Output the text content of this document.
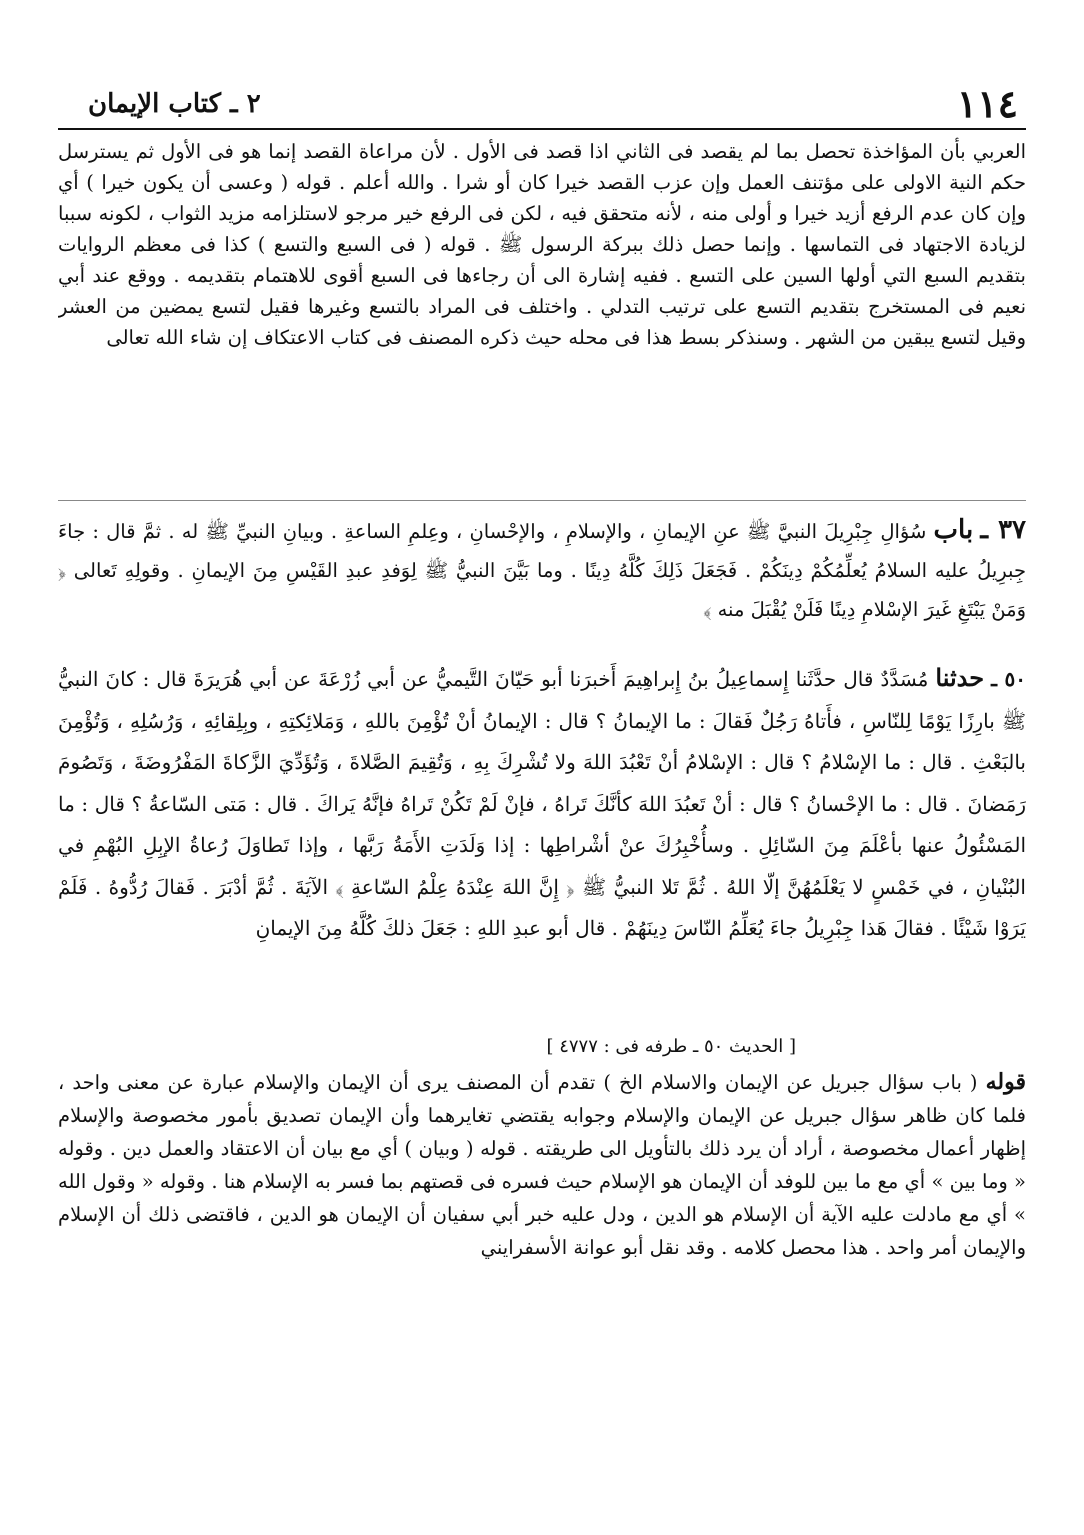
١١٤
٢ ـ كتاب الإيمان

العربي بأن المؤاخذة تحصل بما لم يقصد فى الثاني اذا قصد فى الأول . لأن مراعاة القصد إنما هو فى الأول ثم يسترسل حكم النية الاولى على مؤتنف العمل وإن عزب القصد خيرا كان أو شرا . والله أعلم . قوله ( وعسى أن يكون خيرا ) أي وإن كان عدم الرفع أزيد خيرا و أولى منه ، لأنه متحقق فيه ، لكن فى الرفع خير مرجو لاستلزامه مزيد الثواب ، لكونه سببا لزيادة الاجتهاد فى التماسها . وإنما حصل ذلك ببركة الرسول ﷺ . قوله ( فى السبع والتسع ) كذا فى معظم الروايات بتقديم السبع التي أولها السين على التسع . ففيه إشارة الى أن رجاءها فى السبع أقوى للاهتمام بتقديمه . ووقع عند أبي نعيم فى المستخرج بتقديم التسع على ترتيب التدلي . واختلف فى المراد بالتسع وغيرها فقيل لتسع يمضين من العشر وقيل لتسع يبقين من الشهر . وسنذكر بسط هذا فى محله حيث ذكره المصنف فى كتاب الاعتكاف إن شاء الله تعالى

٣٧ ـ باب سُؤالِ جِبْرِيلَ النبيَّ ﷺ عنِ الإيمانِ ، والإسلامِ ، والإحْسانِ ، وعِلمِ الساعةِ . وبيانِ النبيِّ ﷺ له . ثمَّ قال : جاءَ جِبرِيلُ عليه السلامُ يُعلِّمُكُمْ دِينَكُمْ . فَجَعَلَ ذَلِكَ كُلَّهُ دِينًا . وما بَيَّنَ النبيُّ ﷺ لِوَفدِ عبدِ القَيْسِ مِنَ الإيمانِ . وقولِهِ تَعالى ﴿ وَمَنْ يَبْتَغِ غَيرَ الإسْلامِ دِينًا فَلَنْ يُقْبَلَ منه ﴾

٥٠ ـ حدثنا مُسَدَّدٌ قال حدَّثَنا إِسماعِيلُ بنُ إِبراهِيمَ أَخبرَنا أبو حَيّانَ التَّيميُّ عن أبي زُرْعَةَ عن أبي هُرَيرَةَ قال : كانَ النبيُّ ﷺ بارِزًا يَوْمًا لِلنّاسِ ، فأَتاهُ رَجُلٌ فَقالَ : ما الإيمانُ ؟ قال : الإيمانُ أنْ تُؤْمِنَ باللهِ ، وَمَلائِكتِهِ ، وبِلِقائِهِ ، وَرُسُلِهِ ، وَتُؤْمِنَ بالبَعْثِ . قال : ما الإسْلامُ ؟ قال : الإسْلامُ أنْ تَعْبُدَ اللهَ ولا تُشْرِكَ بِهِ ، وَتُقِيمَ الصَّلاةَ ، وَتُؤَدِّيَ الزَّكاةَ المَفْرُوضَةَ ، وَتَصُومَ رَمَضانَ . قال : ما الإحْسانُ ؟ قال : أنْ تَعبُدَ اللهَ كأنَّكَ تَراهُ ، فإنْ لَمْ تَكُنْ تَراهُ فإنَّهُ يَراكَ . قال : مَتى السّاعةُ ؟ قال : ما المَسْئُولُ عنها بأعْلَمَ مِنَ السّائِلِ . وسأُخْبِرُكَ عنْ أشْراطِها : إذا وَلَدَتِ الأَمَةُ رَبَّها ، وإذا تَطاوَلَ رُعاةُ الإبِلِ البُهْمِ في البُنْيانِ ، في خَمْسٍ لا يَعْلَمُهُنَّ إلّا اللهُ . ثُمَّ تَلا النبيُّ ﷺ ﴿ إِنَّ اللهَ عِنْدَهُ عِلْمُ السّاعةِ ﴾ الآيَةَ . ثُمَّ أدْبَرَ . فَقالَ رُدُّوهُ . فَلَمْ يَرَوْا شَيْئًا . فقالَ هَذا جِبْرِيلُ جاءَ يُعَلِّمُ النّاسَ دِينَهُمْ . قال أبو عبدِ اللهِ : جَعَلَ ذلكَ كُلَّهُ مِنَ الإيمانِ

[ الحديث ٥٠ ـ طرفه فى : ٤٧٧٧ ]

قوله ( باب سؤال جبريل عن الإيمان والاسلام الخ ) تقدم أن المصنف يرى أن الإيمان والإسلام عبارة عن معنى واحد ، فلما كان ظاهر سؤال جبريل عن الإيمان والإسلام وجوابه يقتضي تغايرهما وأن الإيمان تصديق بأمور مخصوصة والإسلام إظهار أعمال مخصوصة ، أراد أن يرد ذلك بالتأويل الى طريقته . قوله ( وبيان ) أي مع بيان أن الاعتقاد والعمل دين . وقوله « وما بين » أي مع ما بين للوفد أن الإيمان هو الإسلام حيث فسره فى قصتهم بما فسر به الإسلام هنا . وقوله « وقول الله » أي مع مادلت عليه الآية أن الإسلام هو الدين ، ودل عليه خبر أبي سفيان أن الإيمان هو الدين ، فاقتضى ذلك أن الإسلام والإيمان أمر واحد . هذا محصل كلامه . وقد نقل أبو عوانة الأسفرايني
